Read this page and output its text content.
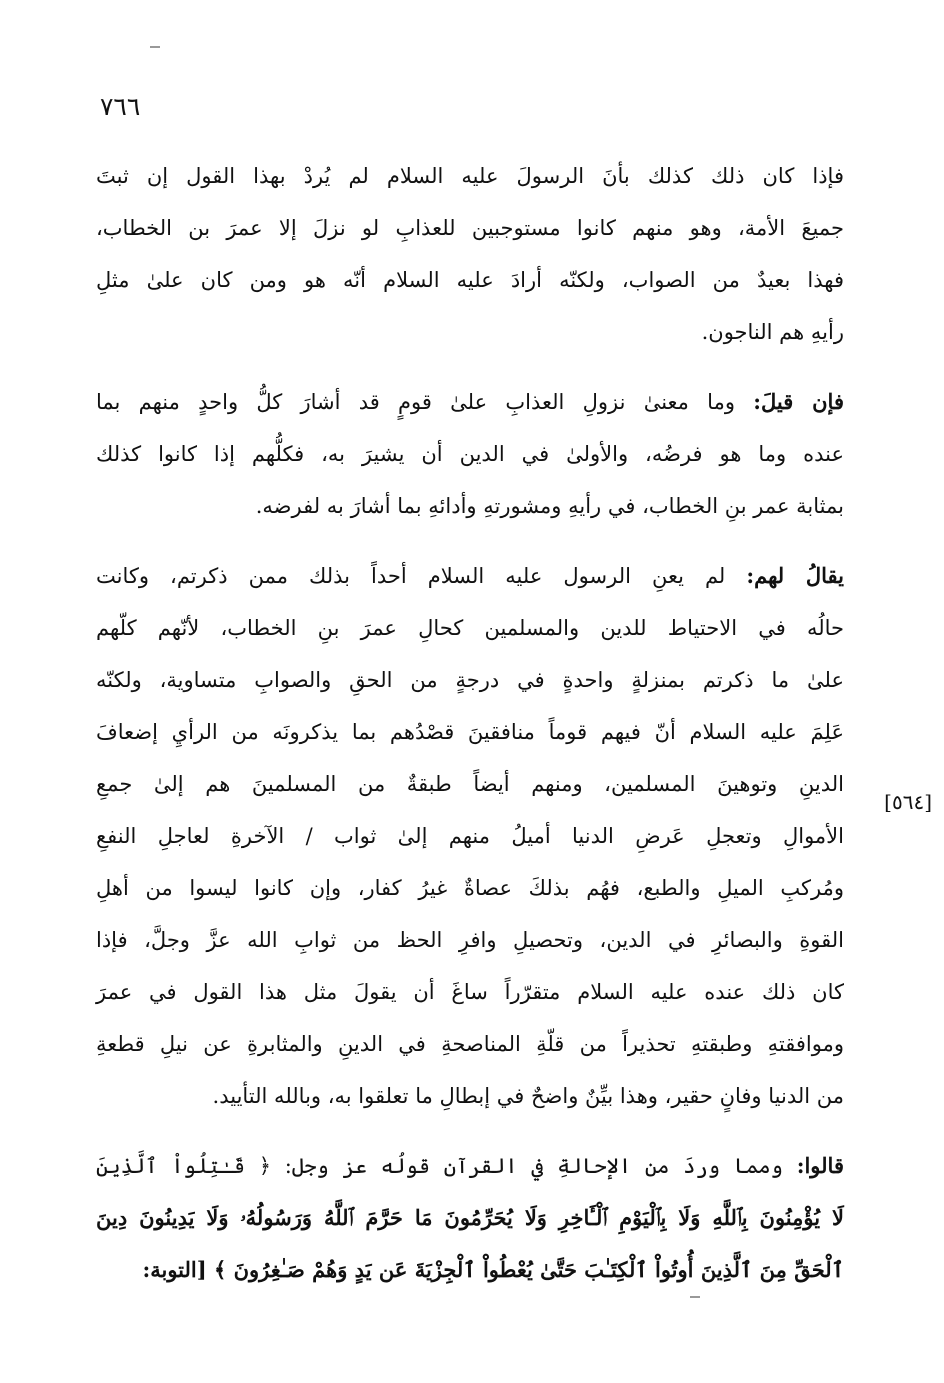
٧٦٦
[٥٦٤]
فإذا كان ذلك كذلك بأنَ الرسولَ عليه السلام لم يُردْ بهذا القول إن ثبتَ
جميعَ الأمة، وهو منهم كانوا مستوجبين للعذابِ لو نزلَ إلا عمرَ بن الخطاب،
فهذا بعيدٌ من الصواب، ولكنّه أرادَ عليه السلام أنّه هو ومن كان علىٰ مثلِ
رأيهِ هم الناجون.
فإن قيلَ: وما معنىٰ نزولِ العذابِ علىٰ قومٍ قد أشارَ كلُّ واحدٍ منهم بما
عنده وما هو فرضُه، والأولىٰ في الدين أن يشيرَ به، فكلُّهم إذا كانوا كذلك
بمثابة عمر بنِ الخطاب، في رأيهِ ومشورتهِ وأدائهِ بما أشارَ به لفرضه.
يقالُ لهم: لم يعنِ الرسول عليه السلام أحداً بذلك ممن ذكرتم، وكانت
حالُه في الاحتياط للدين والمسلمين كحالِ عمرَ بنِ الخطاب، لأنّهم كلّهم
علىٰ ما ذكرتم بمنزلةٍ واحدةٍ في درجةٍ من الحقِ والصوابِ متساوية، ولكنّه
عَلِمَ عليه السلام أنّ فيهم قوماً منافقينَ قصْدُهم بما يذكرونَه من الرأيِ إضعافَ
الدينِ وتوهينَ المسلمين، ومنهم أيضاً طبقةٌ من المسلمينَ هم إلىٰ جمعِ
الأموالِ وتعجلِ عَرضِ الدنيا أميلُ منهم إلىٰ ثواب / الآخرةِ لعاجلِ النفعِ
ومُركبِ الميلِ والطبع، فهُم بذلكَ عصاةٌ غيرُ كفار، وإن كانوا ليسوا من أهلِ
القوةِ والبصائرِ في الدين، وتحصيلِ وافرِ الحظ من ثوابِ الله عزَّ وجلَّ، فإذا
كان ذلك عنده عليه السلام متقرّراً ساغَ أن يقولَ مثل هذا القول في عمرَ
وموافقتهِ وطبقتهِ تحذيراً من قلّةِ المناصحةِ في الدينِ والمثابرةِ عن نيلِ قطعةِ
من الدنيا وفانٍ حقير، وهذا بيِّنٌ واضحٌ في إبطالِ ما تعلقوا به، وبالله التأييد.
قالوا: ومما وردَ من الإحالةِ في القرآن قولُه عز وجل: ﴿ قَـٰتِلُواْ ٱلَّذِينَ
لَا يُؤْمِنُونَ بِٱللَّهِ وَلَا بِٱلْيَوْمِ ٱلْـَٔاخِرِ وَلَا يُحَرِّمُونَ مَا حَرَّمَ ٱللَّهُ وَرَسُولُهُۥ وَلَا يَدِينُونَ دِينَ
ٱلْحَقِّ مِنَ ٱلَّذِينَ أُوتُواْ ٱلْكِتَـٰبَ حَتَّىٰ يُعْطُواْ ٱلْجِزْيَةَ عَن يَدٍ وَهُمْ صَـٰغِرُونَ ﴾ [التوبة:
